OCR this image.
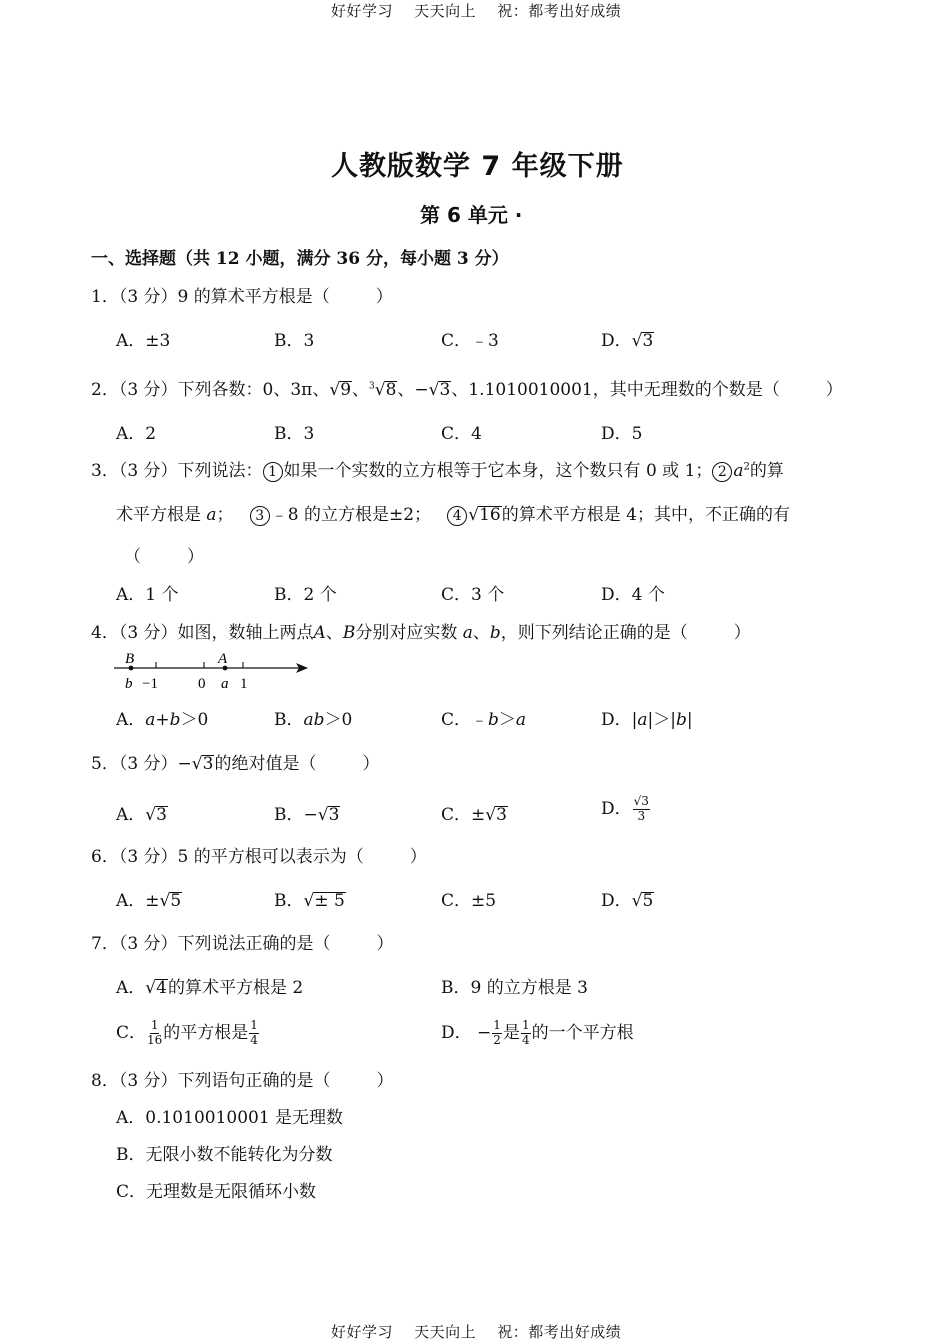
好好学习 天天向上 祝：都考出好成绩
人教版数学 7 年级下册
第 6 单元 ·
一、选择题（共 12 小题，满分 36 分，每小题 3 分）
1．（3 分）9 的算术平方根是（	）
A．±3	B．3	C．﹣3	D．√3
2．（3 分）下列各数：0、3π、√9、$^3$√8、−√3、1.1010010001，其中无理数的个数是（	）
A．2	B．3	C．4	D．5
3．（3 分）下列说法： 1 如果一个实数的立方根等于它本身，这个数只有 0 或 1； 2 $a^2$的算
术平方根是 a； 3 ﹣8 的立方根是±2； 4 √16的算术平方根是 4；其中，不正确的有
（	）
A．1 个	B．2 个	C．3 个	D．4 个
4．（3 分）如图，数轴上两点A、B分别对应实数 a、b，则下列结论正确的是（	）
B	A
b −1	0 a 1
A．a+b＞0	B．ab＞0	C．﹣b＞a	D．|a|＞|b|
5．（3 分）−√3的绝对值是（	）
A．√3	B．−√3	C．±√3	D． $\frac{√3}{3}$
6．（3 分）5 的平方根可以表示为（	）
A．±√5	B．√± 5	C．±5	D．√5
7．（3 分）下列说法正确的是（	）
A．√4的算术平方根是 2	B．9 的立方根是 3
C． $\frac{1}{16}$ 的平方根是 $\frac{1}{4}$	D． − $\frac{1}{2}$ 是 $\frac{1}{4}$ 的一个平方根
8．（3 分）下列语句正确的是（	）
A．0.1010010001 是无理数
B．无限小数不能转化为分数
C．无理数是无限循环小数
好好学习 天天向上 祝：都考出好成绩
